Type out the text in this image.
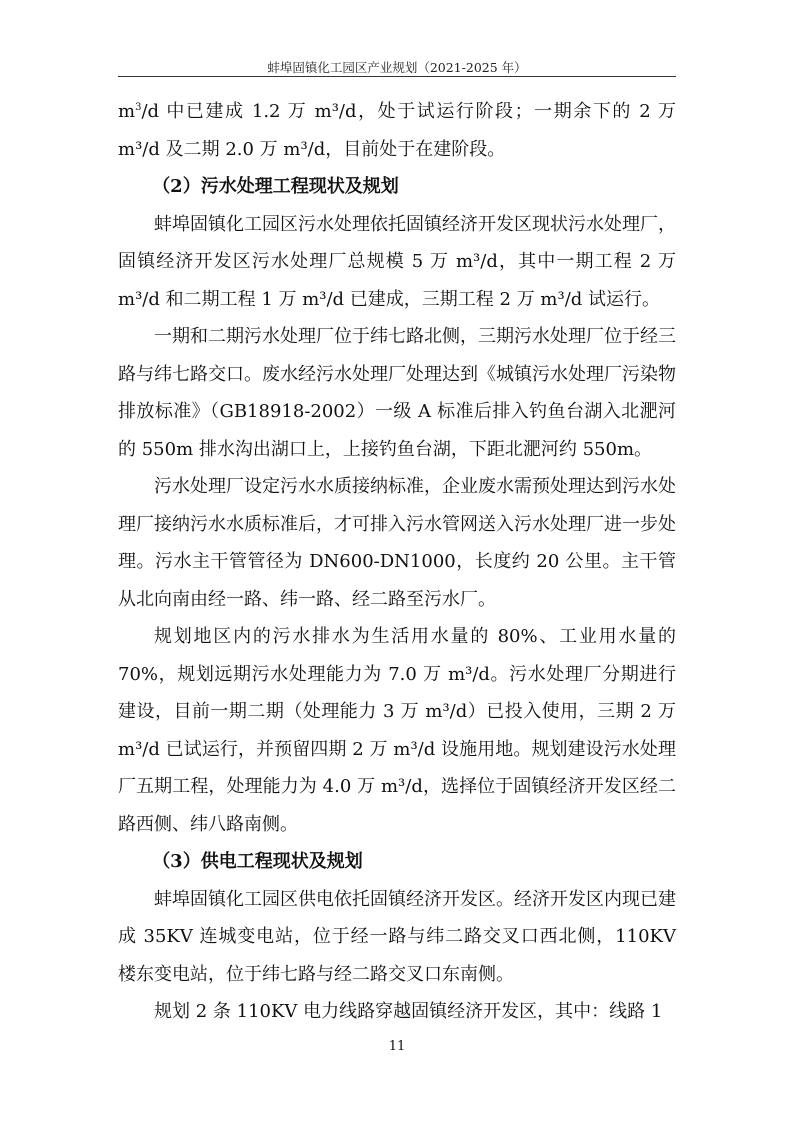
蚌埠固镇化工园区产业规划（2021-2025 年）

$m^3/d$ 中已建成 1.2 万 m³/d，处于试运行阶段；一期余下的 2 万 m³/d 及二期 2.0 万 m³/d，目前处于在建阶段。

（2）污水处理工程现状及规划

蚌埠固镇化工园区污水处理依托固镇经济开发区现状污水处理厂，固镇经济开发区污水处理厂总规模 5 万 m³/d，其中一期工程 2 万 m³/d 和二期工程 1 万 m³/d 已建成，三期工程 2 万 m³/d 试运行。

一期和二期污水处理厂位于纬七路北侧，三期污水处理厂位于经三路与纬七路交口。废水经污水处理厂处理达到《城镇污水处理厂污染物排放标准》（GB18918-2002）一级 A 标准后排入钓鱼台湖入北淝河的 550m 排水沟出湖口上，上接钓鱼台湖，下距北淝河约 550m。

污水处理厂设定污水水质接纳标准，企业废水需预处理达到污水处理厂接纳污水水质标准后，才可排入污水管网送入污水处理厂进一步处理。污水主干管管径为 DN600-DN1000，长度约 20 公里。主干管从北向南由经一路、纬一路、经二路至污水厂。

规划地区内的污水排水为生活用水量的 80%、工业用水量的 70%，规划远期污水处理能力为 7.0 万 m³/d。污水处理厂分期进行建设，目前一期二期（处理能力 3 万 m³/d）已投入使用，三期 2 万 m³/d 已试运行，并预留四期 2 万 m³/d 设施用地。规划建设污水处理厂五期工程，处理能力为 4.0 万 m³/d，选择位于固镇经济开发区经二路西侧、纬八路南侧。

（3）供电工程现状及规划

蚌埠固镇化工园区供电依托固镇经济开发区。经济开发区内现已建成 35KV 连城变电站，位于经一路与纬二路交叉口西北侧，110KV 楼东变电站，位于纬七路与经二路交叉口东南侧。

规划 2 条 110KV 电力线路穿越固镇经济开发区，其中：线路 1

11
